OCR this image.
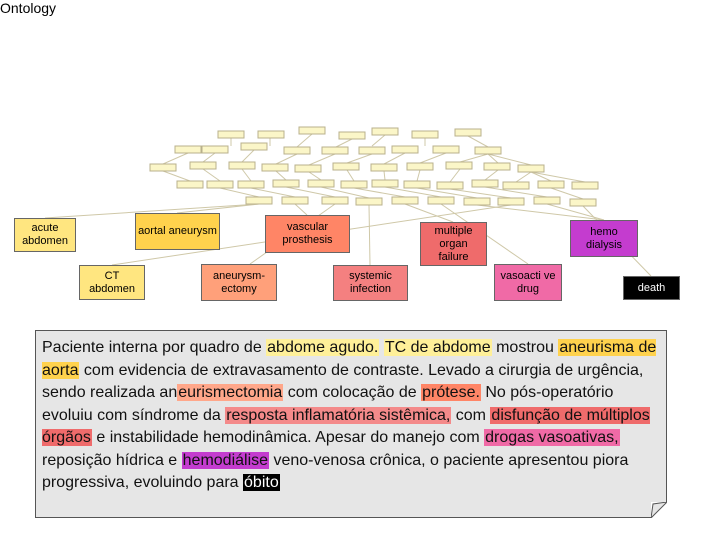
Ontology
acute abdomen
aortal aneurysm
CT abdomen
aneurysm-ectomy
vascular prosthesis
systemic infection
multiple organ failure
vasoacti ve drug
hemo dialysis
death
Paciente interna por quadro de abdome agudo. TC de abdome mostrou aneurisma de aorta com evidencia de extravasamento de contraste. Levado a cirurgia de urgência, sendo realizada aneurismectomia com colocação de prótese. No pós-operatório evoluiu com síndrome da resposta inflamatória sistêmica, com disfunção de múltiplos órgãos e instabilidade hemodinâmica. Apesar do manejo com drogas vasoativas, reposição hídrica e hemodiálise veno-venosa crônica, o paciente apresentou piora progressiva, evoluindo para óbito
